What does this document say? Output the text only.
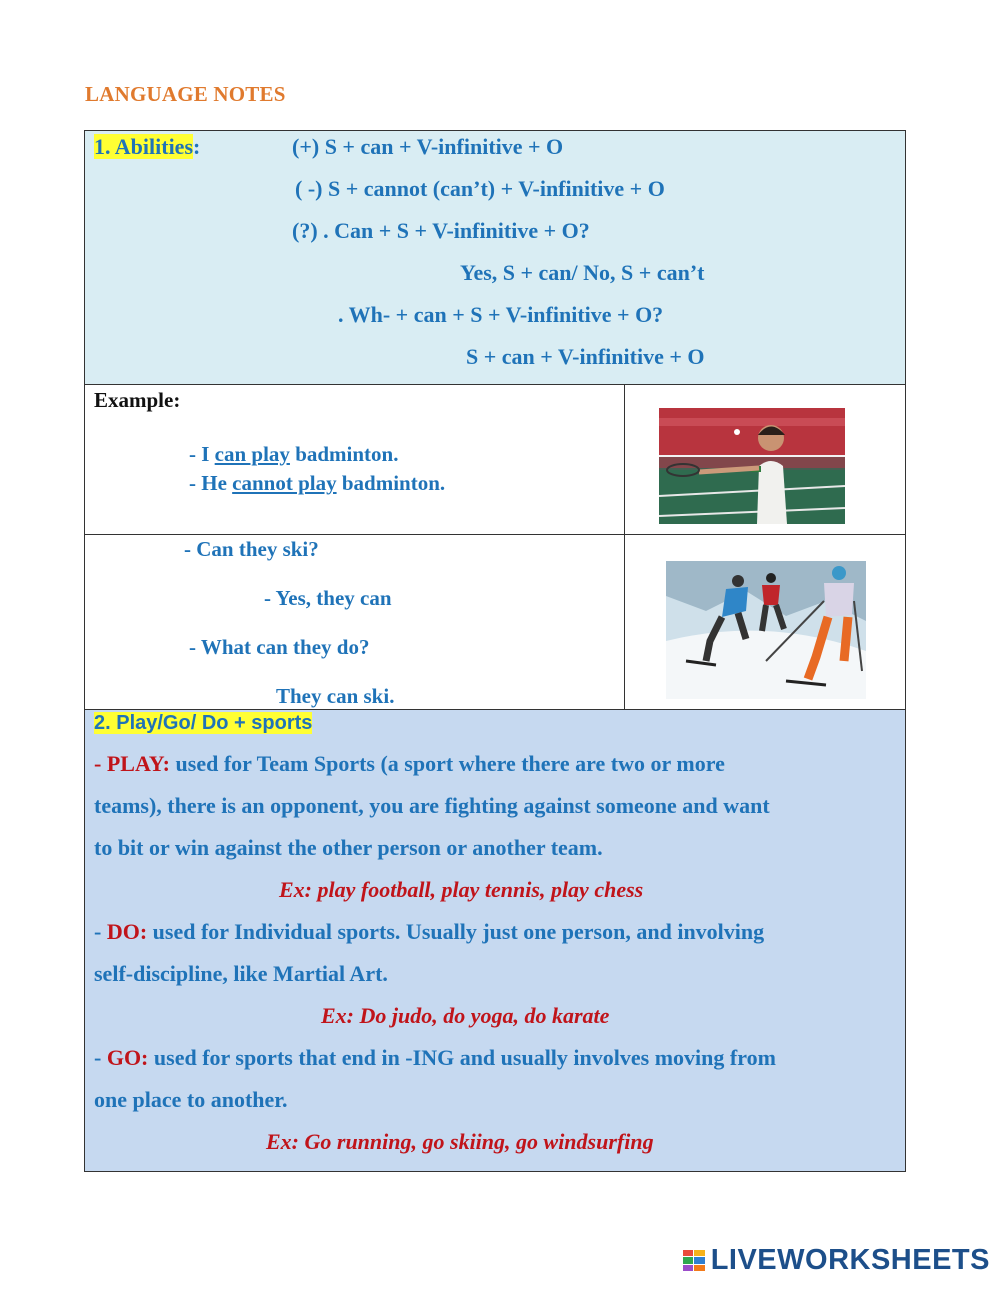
LANGUAGE NOTES
1. Abilities:	(+) S + can + V-infinitive + O
( -) S + cannot (can’t) + V-infinitive + O
(?) . Can + S + V-infinitive + O?
Yes, S + can/ No, S + can’t
. Wh- + can + S + V-infinitive + O?
S + can + V-infinitive + O
Example:
- I can play badminton.
- He cannot play badminton.
- Can they ski?
- Yes, they can
- What can they do?
They can ski.
2. Play/Go/ Do + sports
- PLAY: used for Team Sports (a sport where there are two or more
teams), there is an opponent, you are fighting against someone and want
to bit or win against the other person or another team.
Ex: play football, play tennis, play chess
- DO: used for Individual sports. Usually just one person, and involving
self-discipline, like Martial Art.
Ex: Do judo, do yoga, do karate
- GO: used for sports that end in -ING and usually involves moving from
one place to another.
Ex: Go running, go skiing, go windsurfing
LIVEWORKSHEETS
